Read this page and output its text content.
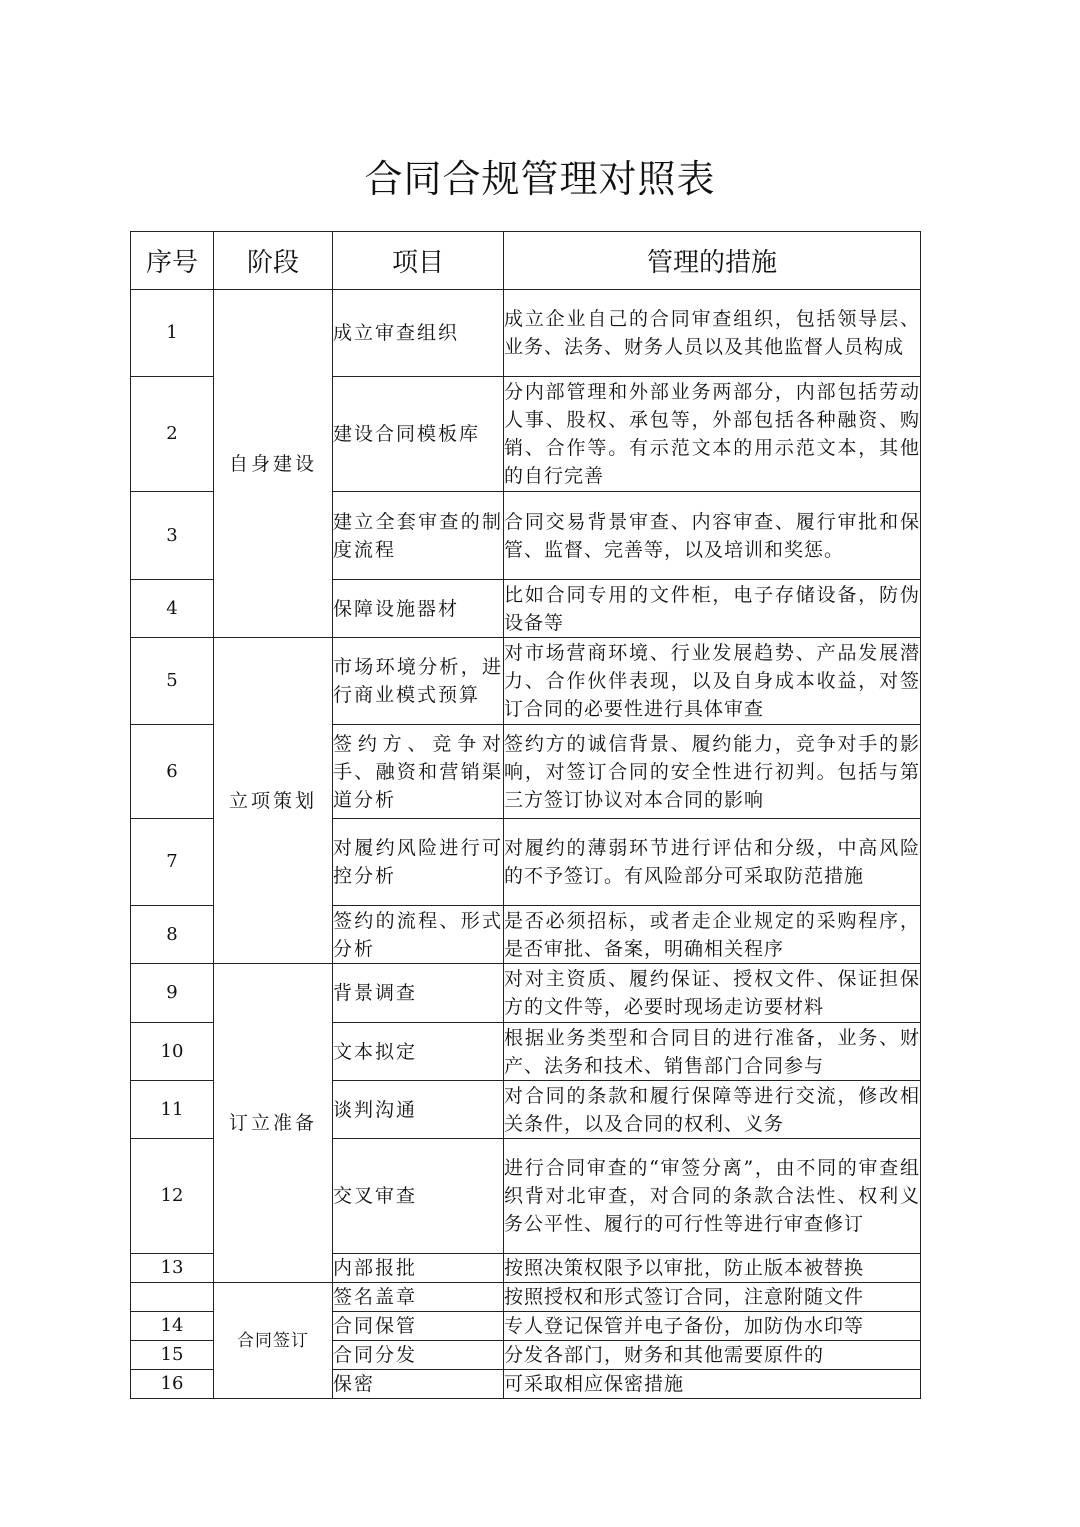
合同合规管理对照表
序号	阶段	项目	管理的措施
1	自身建设	成立审查组织	成立企业自己的合同审查组织，包括领导层、业务、法务、财务人员以及其他监督人员构成
2		建设合同模板库	分内部管理和外部业务两部分，内部包括劳动人事、股权、承包等，外部包括各种融资、购销、合作等。有示范文本的用示范文本，其他的自行完善
3		建立全套审查的制度流程	合同交易背景审查、内容审查、履行审批和保管、监督、完善等，以及培训和奖惩。
4		保障设施器材	比如合同专用的文件柜，电子存储设备，防伪设备等
5	立项策划	市场环境分析，进行商业模式预算	对市场营商环境、行业发展趋势、产品发展潜力、合作伙伴表现，以及自身成本收益，对签订合同的必要性进行具体审查
6		签约方、竞争对手、融资和营销渠道分析	签约方的诚信背景、履约能力，竞争对手的影响，对签订合同的安全性进行初判。包括与第三方签订协议对本合同的影响
7		对履约风险进行可控分析	对履约的薄弱环节进行评估和分级，中高风险的不予签订。有风险部分可采取防范措施
8		签约的流程、形式分析	是否必须招标，或者走企业规定的采购程序，是否审批、备案，明确相关程序
9	订立准备	背景调查	对对主资质、履约保证、授权文件、保证担保方的文件等，必要时现场走访要材料
10		文本拟定	根据业务类型和合同目的进行准备，业务、财产、法务和技术、销售部门合同参与
11		谈判沟通	对合同的条款和履行保障等进行交流，修改相关条件，以及合同的权利、义务
12		交叉审查	进行合同审查的“审签分离”，由不同的审查组织背对北审查，对合同的条款合法性、权利义务公平性、履行的可行性等进行审查修订
13		内部报批	按照决策权限予以审批，防止版本被替换
	合同签订	签名盖章	按照授权和形式签订合同，注意附随文件
14		合同保管	专人登记保管并电子备份，加防伪水印等
15		合同分发	分发各部门，财务和其他需要原件的
16		保密	可采取相应保密措施
